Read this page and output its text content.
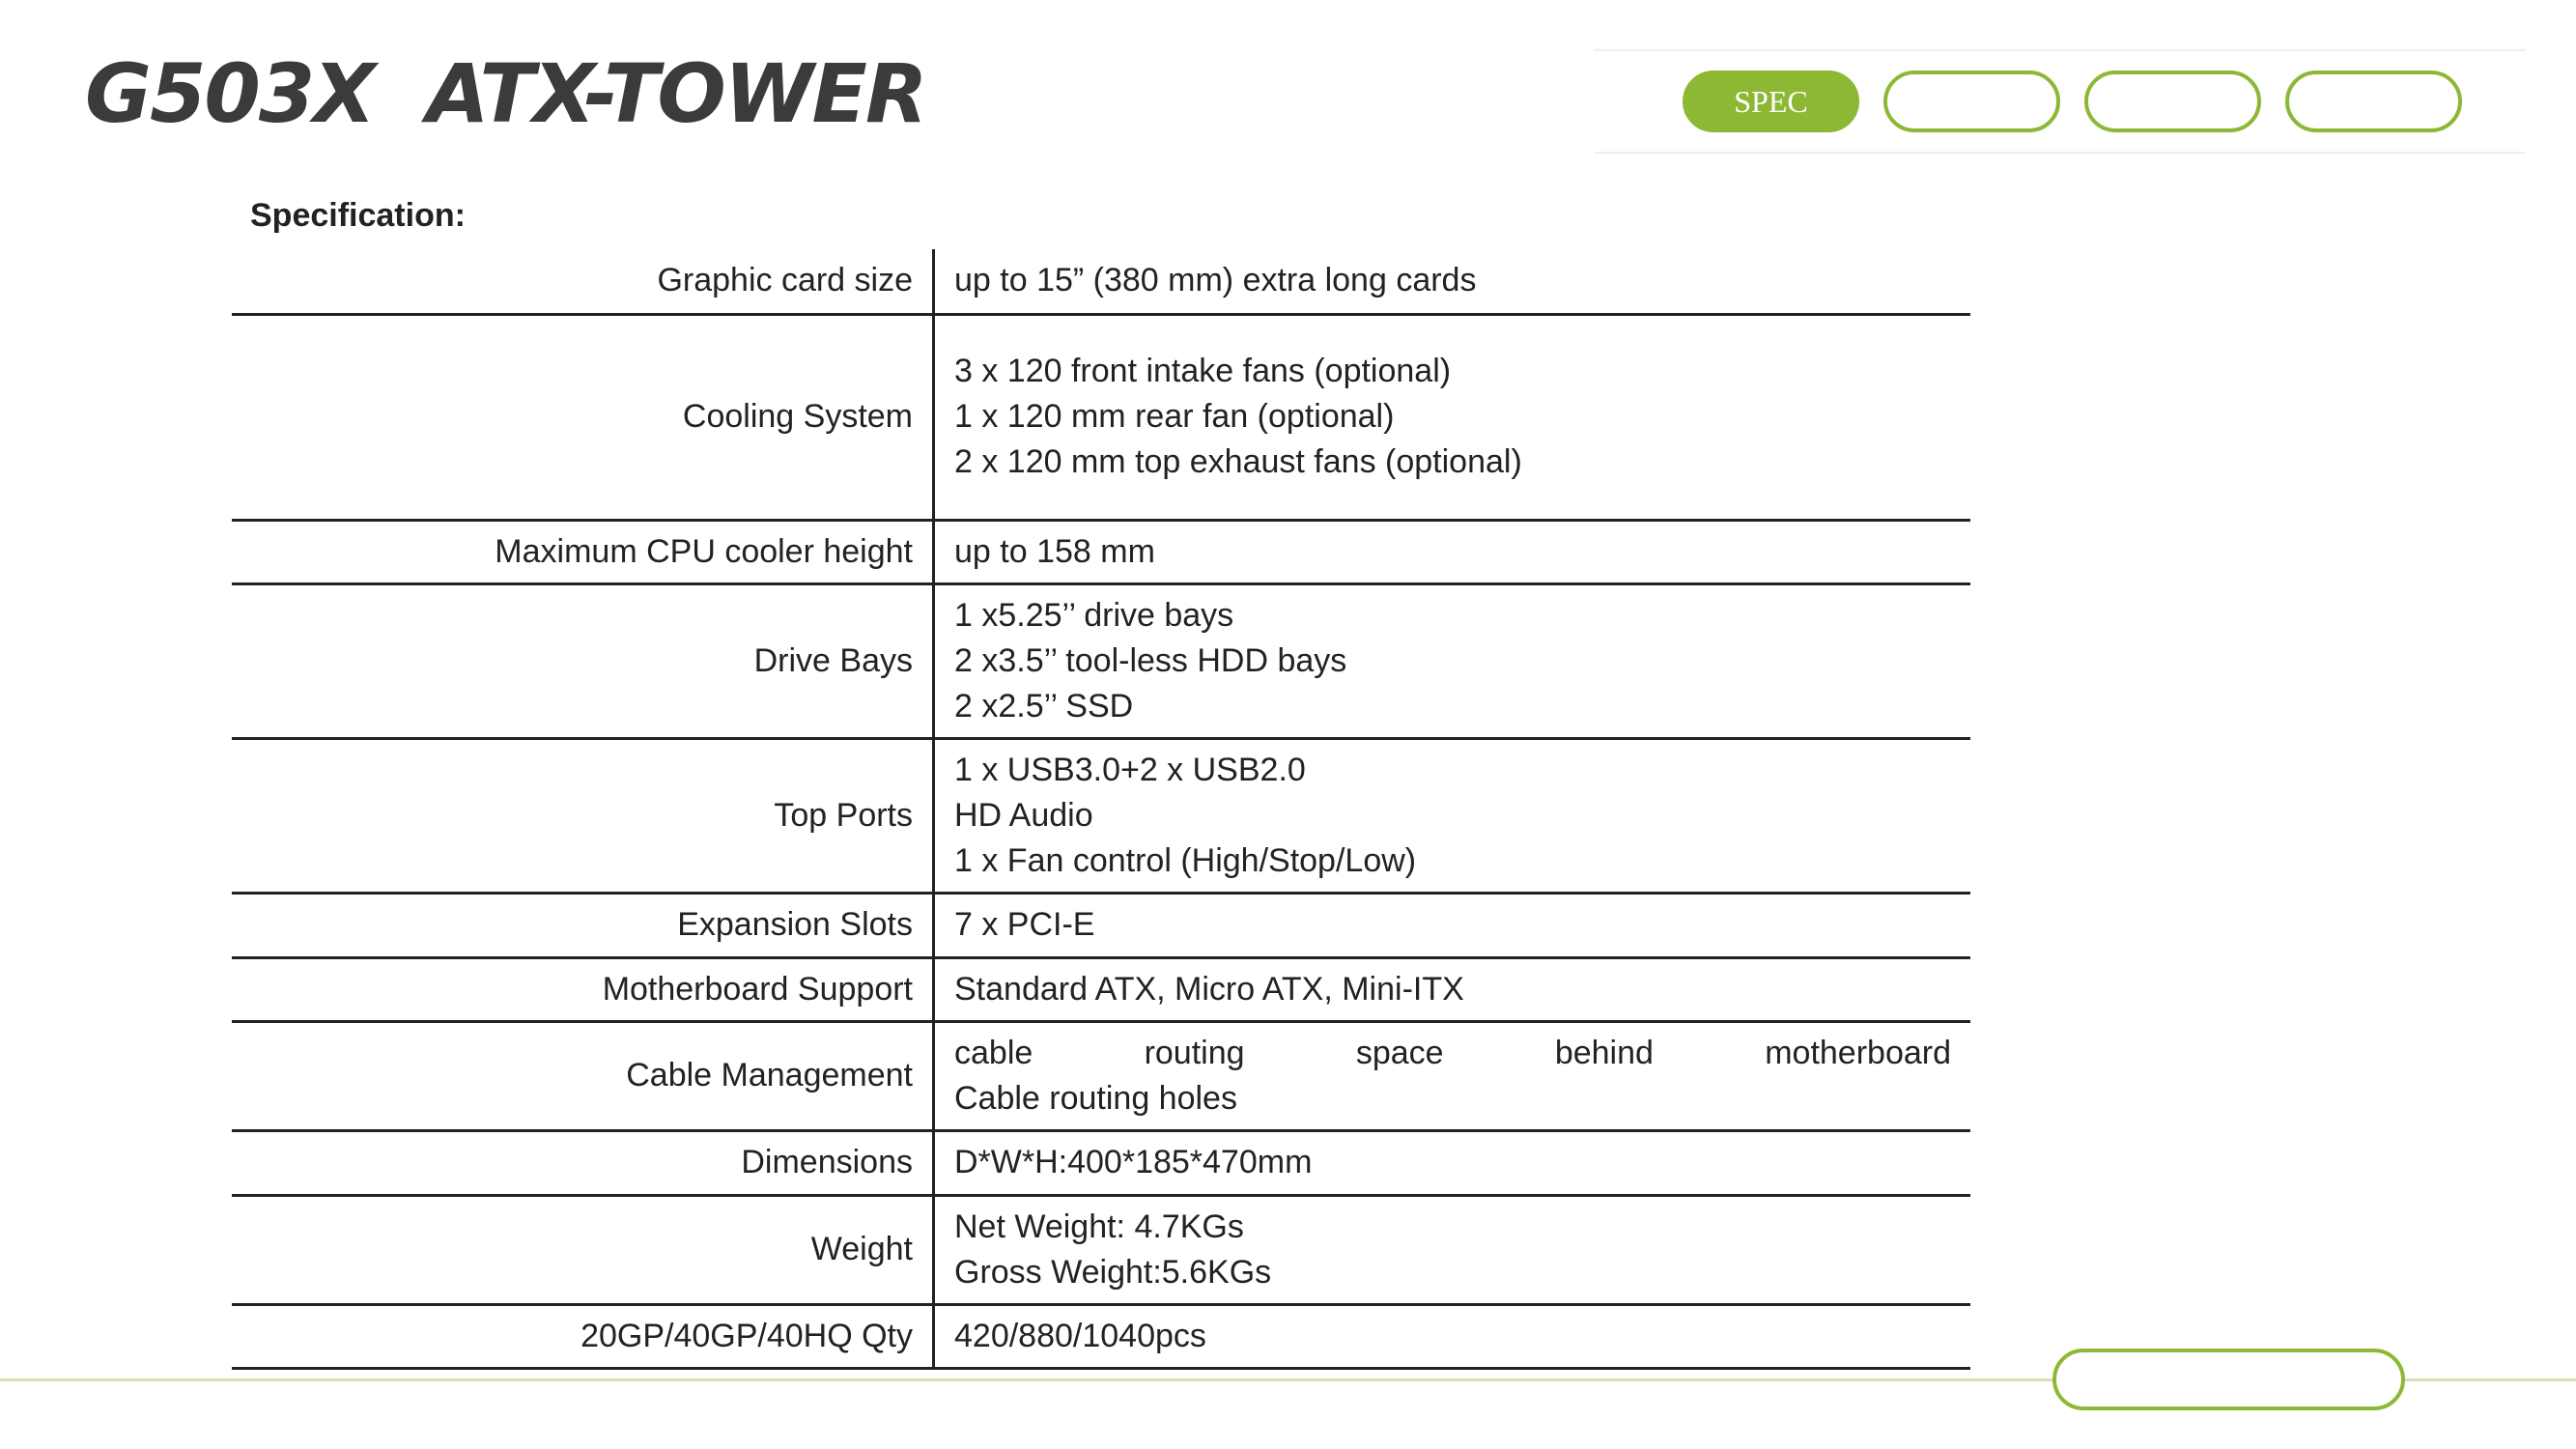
G503X  ATX-TOWER	SPEC
Specification:
Graphic card size	up to 15” (380 mm) extra long cards

Cooling System	3 x 120 front intake fans (optional)
1 x 120 mm rear fan (optional)
2 x 120 mm top exhaust fans (optional)

Maximum CPU cooler height	up to 158 mm

Drive Bays	1 x5.25’’ drive bays
2 x3.5’’ tool-less HDD bays
2 x2.5’’ SSD

Top Ports	1 x USB3.0+2 x USB2.0
HD Audio
1 x Fan control (High/Stop/Low)

Expansion Slots	7 x PCI-E

Motherboard Support	Standard ATX, Micro ATX, Mini-ITX

Cable Management	cable routing space behind motherboard
Cable routing holes

Dimensions	D*W*H:400*185*470mm

Weight	Net Weight: 4.7KGs
Gross Weight:5.6KGs

20GP/40GP/40HQ Qty	420/880/1040pcs
